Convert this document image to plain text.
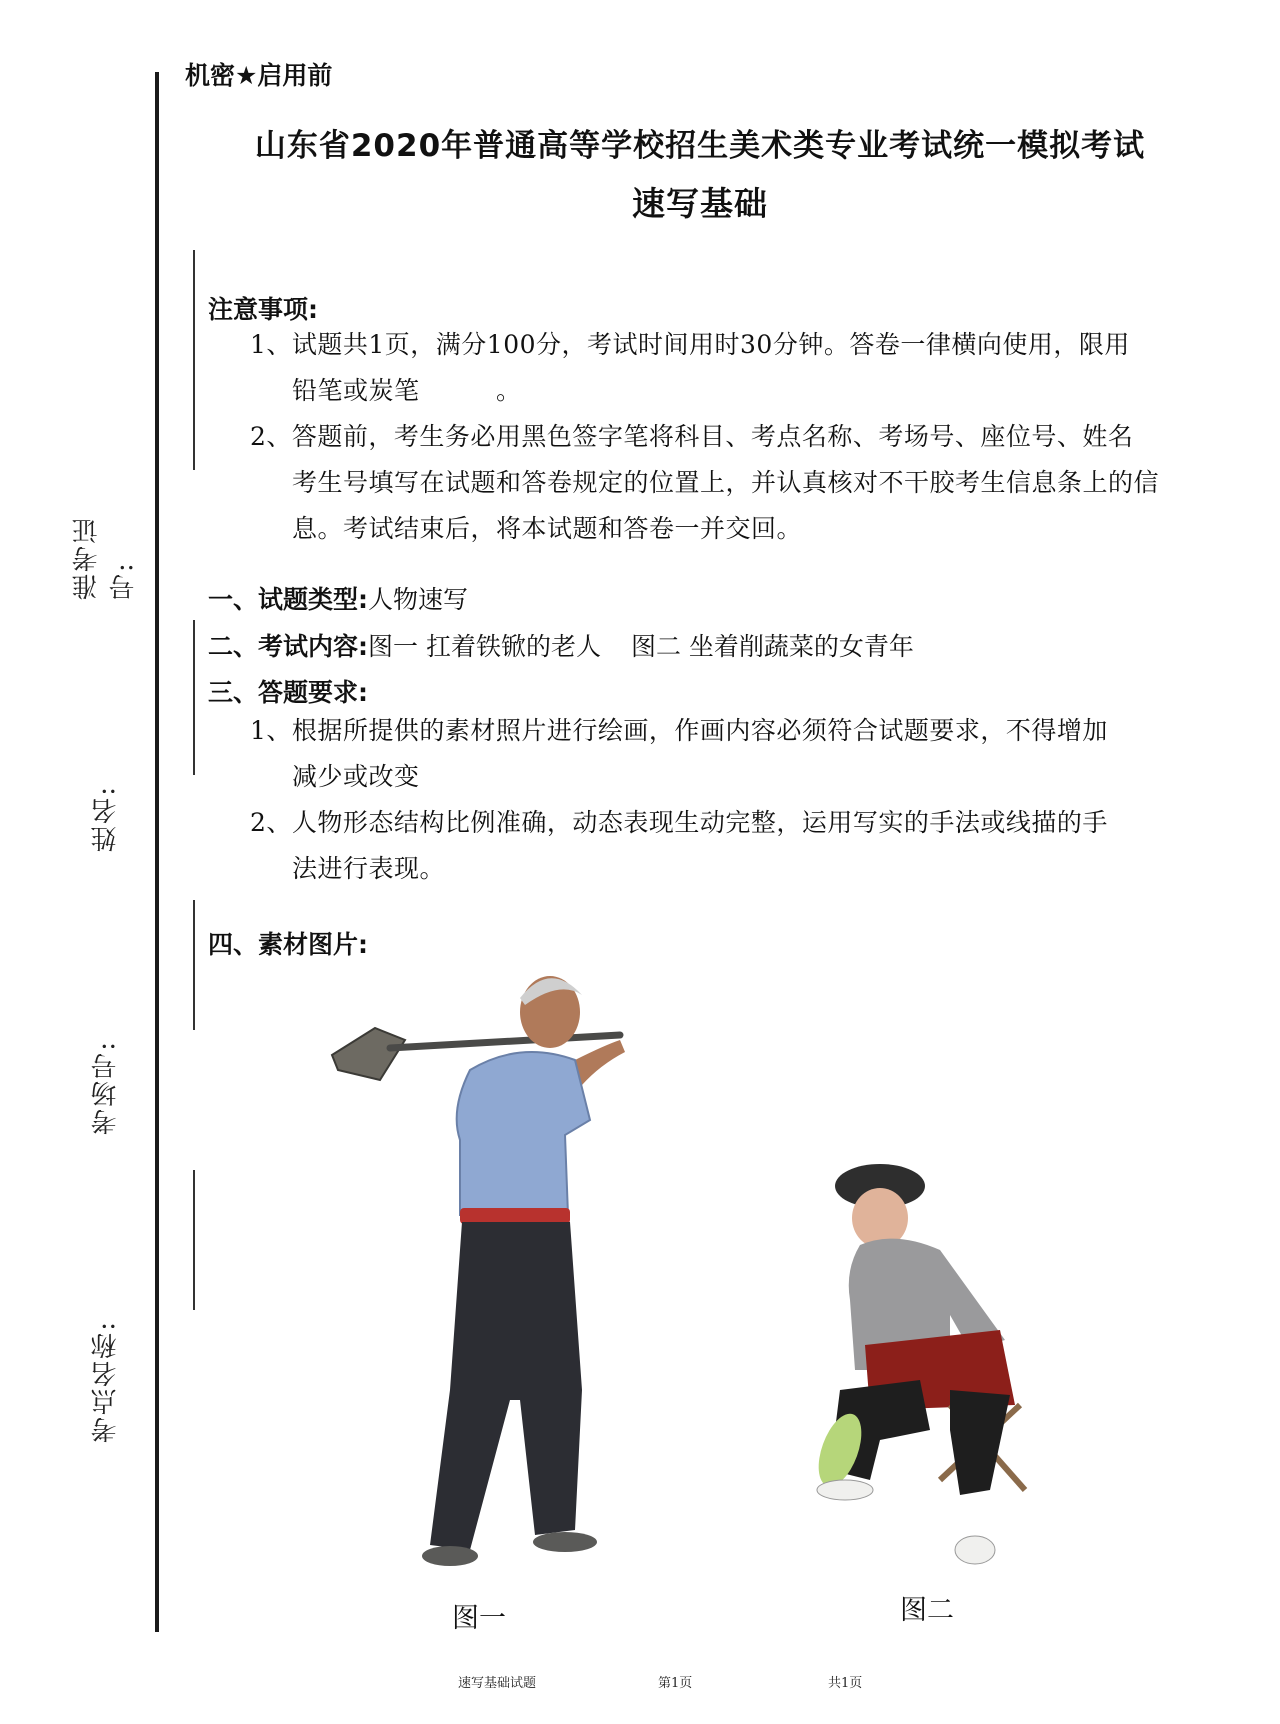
准考证号:
姓名:
考场号:
考点名称:
机密★启用前
山东省2020年普通高等学校招生美术类专业考试统一模拟考试
速写基础
注意事项:
1、试题共1页，满分100分，考试时间用时30分钟。答卷一律横向使用，限用
铅笔或炭笔　　　。
2、答题前，考生务必用黑色签字笔将科目、考点名称、考场号、座位号、姓名
考生号填写在试题和答卷规定的位置上，并认真核对不干胶考生信息条上的信息。考试结束后，将本试题和答卷一并交回。
一、试题类型:人物速写
二、考试内容:图一 扛着铁锨的老人 图二 坐着削蔬菜的女青年
三、答题要求:
1、根据所提供的素材照片进行绘画，作画内容必须符合试题要求，不得增加
减少或改变
2、人物形态结构比例准确，动态表现生动完整，运用写实的手法或线描的手
法进行表现。
四、素材图片:
图一	图二
速写基础试题	第1页	共1页
